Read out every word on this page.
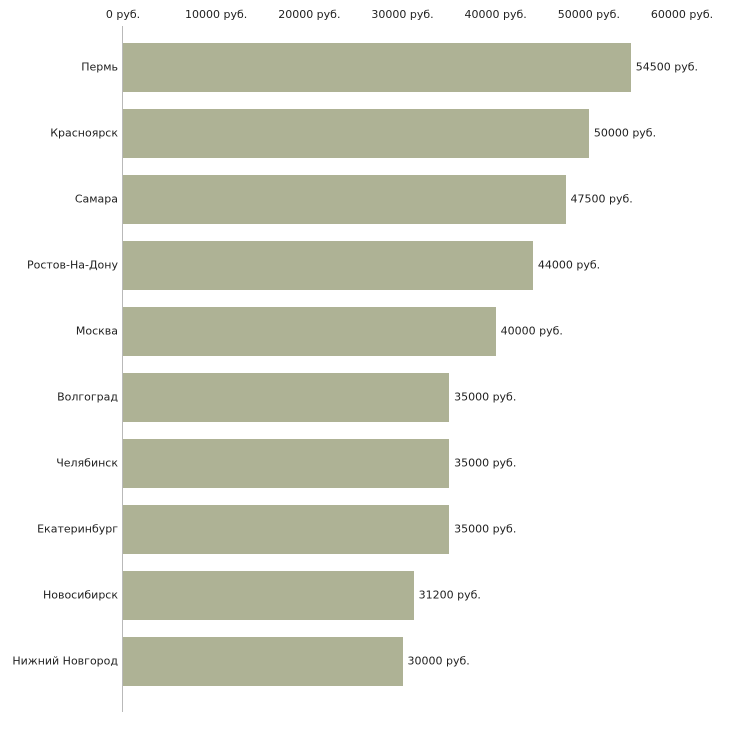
0 руб.	10000 руб.	20000 руб.	30000 руб.	40000 руб.	50000 руб.	60000 руб.
Пермь	54500 руб.
Красноярск	50000 руб.
Самара	47500 руб.
Ростов-На-Дону	44000 руб.
Москва	40000 руб.
Волгоград	35000 руб.
Челябинск	35000 руб.
Екатеринбург	35000 руб.
Новосибирск	31200 руб.
Нижний Новгород	30000 руб.
